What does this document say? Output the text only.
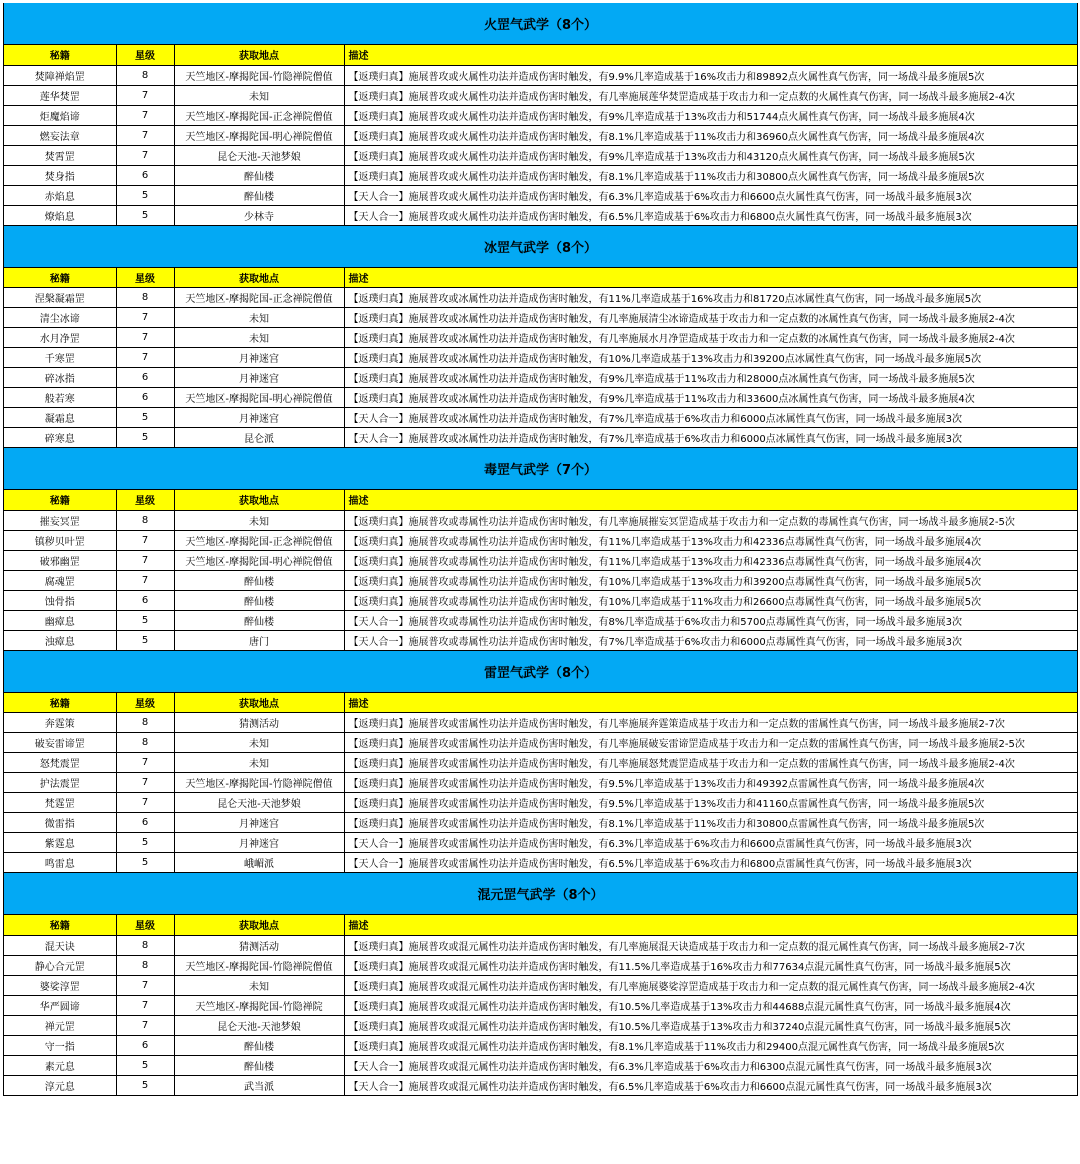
火罡气武学（8个）
秘籍	星级	获取地点	描述
焚障禅焰罡	8	天竺地区-摩揭陀国-竹隐禅院僧值	【返璞归真】施展普攻或火属性功法并造成伤害时触发，有9.9%几率造成基于16%攻击力和89892点火属性真气伤害，同一场战斗最多施展5次
莲华焚罡	7	未知	【返璞归真】施展普攻或火属性功法并造成伤害时触发，有几率施展莲华焚罡造成基于攻击力和一定点数的火属性真气伤害，同一场战斗最多施展2-4次
炬魔焰谛	7	天竺地区-摩揭陀国-正念禅院僧值	【返璞归真】施展普攻或火属性功法并造成伤害时触发，有9%几率造成基于13%攻击力和51744点火属性真气伤害，同一场战斗最多施展4次
燃妄法章	7	天竺地区-摩揭陀国-明心禅院僧值	【返璞归真】施展普攻或火属性功法并造成伤害时触发，有8.1%几率造成基于11%攻击力和36960点火属性真气伤害，同一场战斗最多施展4次
焚霄罡	7	昆仑天池-天池梦娘	【返璞归真】施展普攻或火属性功法并造成伤害时触发，有9%几率造成基于13%攻击力和43120点火属性真气伤害，同一场战斗最多施展5次
焚身指	6	醉仙楼	【返璞归真】施展普攻或火属性功法并造成伤害时触发，有8.1%几率造成基于11%攻击力和30800点火属性真气伤害，同一场战斗最多施展5次
赤焰息	5	醉仙楼	【天人合一】施展普攻或火属性功法并造成伤害时触发，有6.3%几率造成基于6%攻击力和6600点火属性真气伤害，同一场战斗最多施展3次
燎焰息	5	少林寺	【天人合一】施展普攻或火属性功法并造成伤害时触发，有6.5%几率造成基于6%攻击力和6800点火属性真气伤害，同一场战斗最多施展3次
冰罡气武学（8个）
秘籍	星级	获取地点	描述
涅槃凝霜罡	8	天竺地区-摩揭陀国-正念禅院僧值	【返璞归真】施展普攻或冰属性功法并造成伤害时触发，有11%几率造成基于16%攻击力和81720点冰属性真气伤害，同一场战斗最多施展5次
清尘冰谛	7	未知	【返璞归真】施展普攻或冰属性功法并造成伤害时触发，有几率施展清尘冰谛造成基于攻击力和一定点数的冰属性真气伤害，同一场战斗最多施展2-4次
水月净罡	7	未知	【返璞归真】施展普攻或冰属性功法并造成伤害时触发，有几率施展水月净罡造成基于攻击力和一定点数的冰属性真气伤害，同一场战斗最多施展2-4次
千寒罡	7	月神迷宫	【返璞归真】施展普攻或冰属性功法并造成伤害时触发，有10%几率造成基于13%攻击力和39200点冰属性真气伤害，同一场战斗最多施展5次
碎冰指	6	月神迷宫	【返璞归真】施展普攻或冰属性功法并造成伤害时触发，有9%几率造成基于11%攻击力和28000点冰属性真气伤害，同一场战斗最多施展5次
般若寒	6	天竺地区-摩揭陀国-明心禅院僧值	【返璞归真】施展普攻或冰属性功法并造成伤害时触发，有9%几率造成基于11%攻击力和33600点冰属性真气伤害，同一场战斗最多施展4次
凝霜息	5	月神迷宫	【天人合一】施展普攻或冰属性功法并造成伤害时触发，有7%几率造成基于6%攻击力和6000点冰属性真气伤害，同一场战斗最多施展3次
碎寒息	5	昆仑派	【天人合一】施展普攻或冰属性功法并造成伤害时触发，有7%几率造成基于6%攻击力和6000点冰属性真气伤害，同一场战斗最多施展3次
毒罡气武学（7个）
秘籍	星级	获取地点	描述
摧妄冥罡	8	未知	【返璞归真】施展普攻或毒属性功法并造成伤害时触发，有几率施展摧妄冥罡造成基于攻击力和一定点数的毒属性真气伤害，同一场战斗最多施展2-5次
镇秽贝叶罡	7	天竺地区-摩揭陀国-正念禅院僧值	【返璞归真】施展普攻或毒属性功法并造成伤害时触发，有11%几率造成基于13%攻击力和42336点毒属性真气伤害，同一场战斗最多施展4次
破邪幽罡	7	天竺地区-摩揭陀国-明心禅院僧值	【返璞归真】施展普攻或毒属性功法并造成伤害时触发，有11%几率造成基于13%攻击力和42336点毒属性真气伤害，同一场战斗最多施展4次
腐魂罡	7	醉仙楼	【返璞归真】施展普攻或毒属性功法并造成伤害时触发，有10%几率造成基于13%攻击力和39200点毒属性真气伤害，同一场战斗最多施展5次
蚀骨指	6	醉仙楼	【返璞归真】施展普攻或毒属性功法并造成伤害时触发，有10%几率造成基于11%攻击力和26600点毒属性真气伤害，同一场战斗最多施展5次
幽瘴息	5	醉仙楼	【天人合一】施展普攻或毒属性功法并造成伤害时触发，有8%几率造成基于6%攻击力和5700点毒属性真气伤害，同一场战斗最多施展3次
浊瘴息	5	唐门	【天人合一】施展普攻或毒属性功法并造成伤害时触发，有7%几率造成基于6%攻击力和6000点毒属性真气伤害，同一场战斗最多施展3次
雷罡气武学（8个）
秘籍	星级	获取地点	描述
奔霆策	8	猜测活动	【返璞归真】施展普攻或雷属性功法并造成伤害时触发，有几率施展奔霆策造成基于攻击力和一定点数的雷属性真气伤害，同一场战斗最多施展2-7次
破妄雷谛罡	8	未知	【返璞归真】施展普攻或雷属性功法并造成伤害时触发，有几率施展破妄雷谛罡造成基于攻击力和一定点数的雷属性真气伤害，同一场战斗最多施展2-5次
怒梵震罡	7	未知	【返璞归真】施展普攻或雷属性功法并造成伤害时触发，有几率施展怒梵震罡造成基于攻击力和一定点数的雷属性真气伤害，同一场战斗最多施展2-4次
护法震罡	7	天竺地区-摩揭陀国-竹隐禅院僧值	【返璞归真】施展普攻或雷属性功法并造成伤害时触发，有9.5%几率造成基于13%攻击力和49392点雷属性真气伤害，同一场战斗最多施展4次
梵霆罡	7	昆仑天池-天池梦娘	【返璞归真】施展普攻或雷属性功法并造成伤害时触发，有9.5%几率造成基于13%攻击力和41160点雷属性真气伤害，同一场战斗最多施展5次
微雷指	6	月神迷宫	【返璞归真】施展普攻或雷属性功法并造成伤害时触发，有8.1%几率造成基于11%攻击力和30800点雷属性真气伤害，同一场战斗最多施展5次
紫霆息	5	月神迷宫	【天人合一】施展普攻或雷属性功法并造成伤害时触发，有6.3%几率造成基于6%攻击力和6600点雷属性真气伤害，同一场战斗最多施展3次
鸣雷息	5	峨嵋派	【天人合一】施展普攻或雷属性功法并造成伤害时触发，有6.5%几率造成基于6%攻击力和6800点雷属性真气伤害，同一场战斗最多施展3次
混元罡气武学（8个）
秘籍	星级	获取地点	描述
混天诀	8	猜测活动	【返璞归真】施展普攻或混元属性功法并造成伤害时触发，有几率施展混天诀造成基于攻击力和一定点数的混元属性真气伤害，同一场战斗最多施展2-7次
静心合元罡	8	天竺地区-摩揭陀国-竹隐禅院僧值	【返璞归真】施展普攻或混元属性功法并造成伤害时触发，有11.5%几率造成基于16%攻击力和77634点混元属性真气伤害，同一场战斗最多施展5次
婆娑淳罡	7	未知	【返璞归真】施展普攻或混元属性功法并造成伤害时触发，有几率施展婆娑淳罡造成基于攻击力和一定点数的混元属性真气伤害，同一场战斗最多施展2-4次
华严圆谛	7	天竺地区-摩揭陀国-竹隐禅院	【返璞归真】施展普攻或混元属性功法并造成伤害时触发，有10.5%几率造成基于13%攻击力和44688点混元属性真气伤害，同一场战斗最多施展4次
禅元罡	7	昆仑天池-天池梦娘	【返璞归真】施展普攻或混元属性功法并造成伤害时触发，有10.5%几率造成基于13%攻击力和37240点混元属性真气伤害，同一场战斗最多施展5次
守一指	6	醉仙楼	【返璞归真】施展普攻或混元属性功法并造成伤害时触发，有8.1%几率造成基于11%攻击力和29400点混元属性真气伤害，同一场战斗最多施展5次
素元息	5	醉仙楼	【天人合一】施展普攻或混元属性功法并造成伤害时触发，有6.3%几率造成基于6%攻击力和6300点混元属性真气伤害，同一场战斗最多施展3次
淳元息	5	武当派	【天人合一】施展普攻或混元属性功法并造成伤害时触发，有6.5%几率造成基于6%攻击力和6600点混元属性真气伤害，同一场战斗最多施展3次
